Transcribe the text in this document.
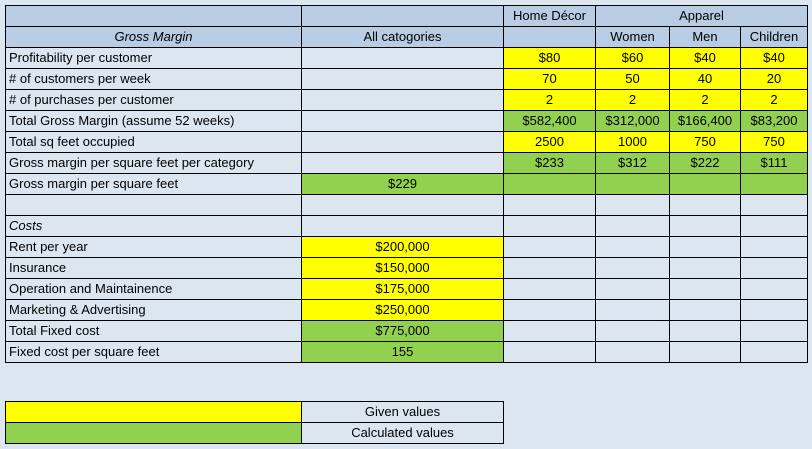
		Home Décor	Apparel		
Gross Margin	All catogories		Women	Men	Children
Profitability per customer		$80	$60	$40	$40
# of customers per week		70	50	40	20
# of purchases per customer		2	2	2	2
Total Gross Margin (assume 52 weeks)		$582,400	$312,000	$166,400	$83,200
Total sq feet occupied		2500	1000	750	750
Gross margin per square feet per category		$233	$312	$222	$111
Gross margin per square feet	$229				

Costs					
Rent per year	$200,000				
Insurance	$150,000				
Operation and Maintainence	$175,000				
Marketing & Advertising	$250,000				
Total Fixed cost	$775,000				
Fixed cost per square feet	155				
	Given values
	Calculated values
